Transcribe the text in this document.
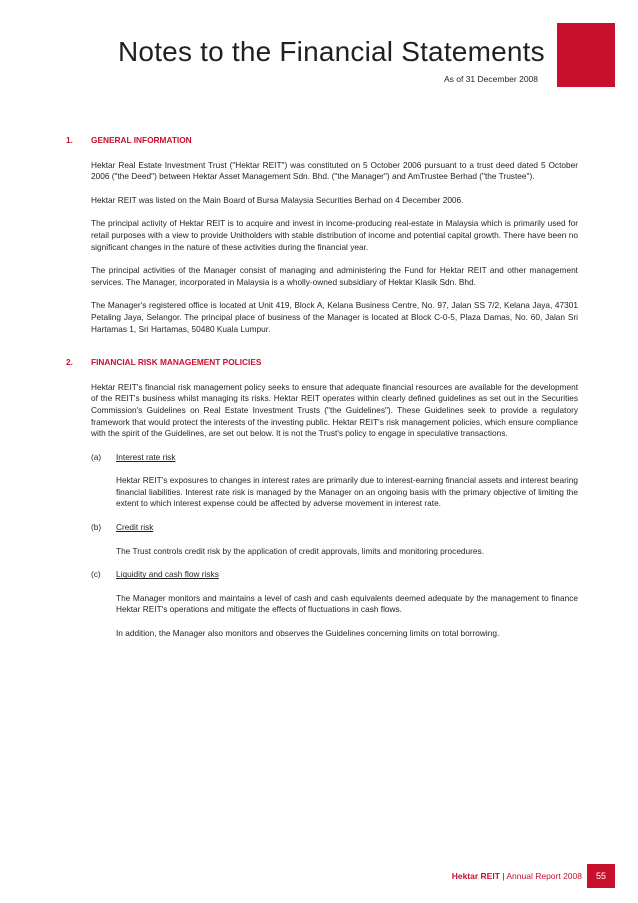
Notes to the Financial Statements
As of 31 December 2008
1. GENERAL INFORMATION

Hektar Real Estate Investment Trust ("Hektar REIT") was constituted on 5 October 2006 pursuant to a trust deed dated 5 October 2006 ("the Deed") between Hektar Asset Management Sdn. Bhd. ("the Manager") and AmTrustee Berhad ("the Trustee").

Hektar REIT was listed on the Main Board of Bursa Malaysia Securities Berhad on 4 December 2006.

The principal activity of Hektar REIT is to acquire and invest in income-producing real-estate in Malaysia which is primarily used for retail purposes with a view to provide Unitholders with stable distribution of income and potential capital growth. There have been no significant changes in the nature of these activities during the financial year.

The principal activities of the Manager consist of managing and administering the Fund for Hektar REIT and other management services. The Manager, incorporated in Malaysia is a wholly-owned subsidiary of Hektar Klasik Sdn. Bhd.

The Manager's registered office is located at Unit 419, Block A, Kelana Business Centre, No. 97, Jalan SS 7/2, Kelana Jaya, 47301 Petaling Jaya, Selangor. The principal place of business of the Manager is located at Block C-0-5, Plaza Damas, No. 60, Jalan Sri Hartamas 1, Sri Hartamas, 50480 Kuala Lumpur.

2. FINANCIAL RISK MANAGEMENT POLICIES

Hektar REIT's financial risk management policy seeks to ensure that adequate financial resources are available for the development of the REIT's business whilst managing its risks. Hektar REIT operates within clearly defined guidelines as set out in the Securities Commission's Guidelines on Real Estate Investment Trusts ("the Guidelines"). These Guidelines seek to provide a regulatory framework that would protect the interests of the investing public. Hektar REIT's risk management policies, which ensure compliance with the spirit of the Guidelines, are set out below. It is not the Trust's policy to engage in speculative transactions.

(a) Interest rate risk

Hektar REIT's exposures to changes in interest rates are primarily due to interest-earning financial assets and interest bearing financial liabilities. Interest rate risk is managed by the Manager on an ongoing basis with the primary objective of limiting the extent to which interest expense could be affected by adverse movement in interest rate.

(b) Credit risk

The Trust controls credit risk by the application of credit approvals, limits and monitoring procedures.

(c) Liquidity and cash flow risks

The Manager monitors and maintains a level of cash and cash equivalents deemed adequate by the management to finance Hektar REIT's operations and mitigate the effects of fluctuations in cash flows.

In addition, the Manager also monitors and observes the Guidelines concerning limits on total borrowing.

Hektar REIT | Annual Report 2008	55
